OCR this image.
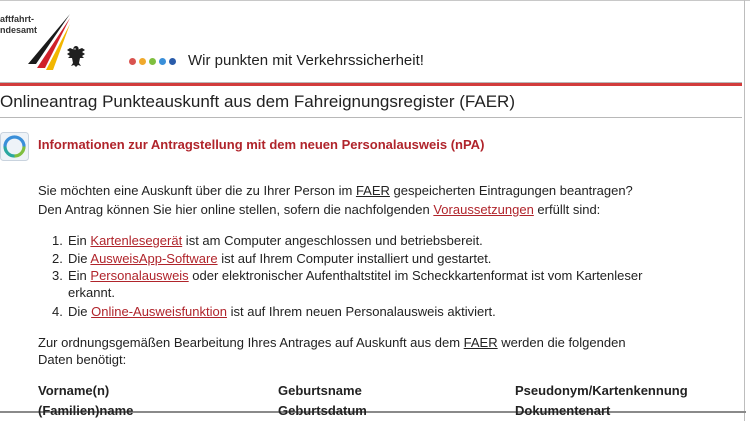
aftfahrt-
ndesamt
Wir punkten mit Verkehrssicherheit!
Onlineantrag Punkteauskunft aus dem Fahreignungsregister (FAER)
Informationen zur Antragstellung mit dem neuen Personalausweis (nPA)
Sie möchten eine Auskunft über die zu Ihrer Person im FAER gespeicherten Eintragungen beantragen?
Den Antrag können Sie hier online stellen, sofern die nachfolgenden Voraussetzungen erfüllt sind:
1. Ein Kartenlesegerät ist am Computer angeschlossen und betriebsbereit.
2. Die AusweisApp-Software ist auf Ihrem Computer installiert und gestartet.
3. Ein Personalausweis oder elektronischer Aufenthaltstitel im Scheckkartenformat ist vom Kartenleser
erkannt.
4. Die Online-Ausweisfunktion ist auf Ihrem neuen Personalausweis aktiviert.
Zur ordnungsgemäßen Bearbeitung Ihres Antrages auf Auskunft aus dem FAER werden die folgenden
Daten benötigt:
Vorname(n)
(Familien)name
Geburtsname
Geburtsdatum
Pseudonym/Kartenkennung
Dokumentenart
